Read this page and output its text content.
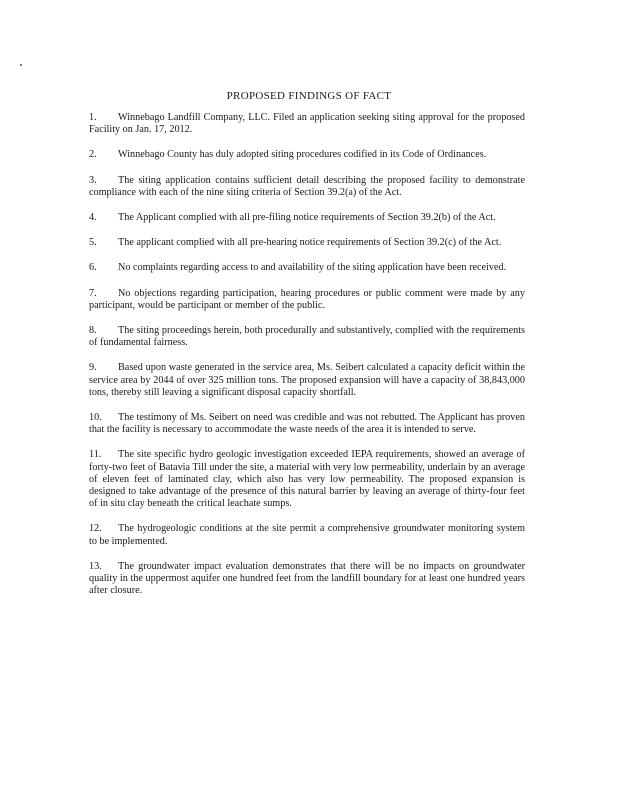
PROPOSED FINDINGS OF FACT
1. Winnebago Landfill Company, LLC. Filed an application seeking siting approval for the proposed Facility on Jan. 17, 2012.
2. Winnebago County has duly adopted siting procedures codified in its Code of Ordinances.
3. The siting application contains sufficient detail describing the proposed facility to demonstrate compliance with each of the nine siting criteria of Section 39.2(a) of the Act.
4. The Applicant complied with all pre-filing notice requirements of Section 39.2(b) of the Act.
5. The applicant complied with all pre-hearing notice requirements of Section 39.2(c) of the Act.
6. No complaints regarding access to and availability of the siting application have been received.
7. No objections regarding participation, hearing procedures or public comment were made by any participant, would be participant or member of the public.
8. The siting proceedings herein, both procedurally and substantively, complied with the requirements of fundamental fairness.
9. Based upon waste generated in the service area, Ms. Seibert calculated a capacity deficit within the service area by 2044 of over 325 million tons. The proposed expansion will have a capacity of 38,843,000 tons, thereby still leaving a significant disposal capacity shortfall.
10. The testimony of Ms. Seibert on need was credible and was not rebutted. The Applicant has proven that the facility is necessary to accommodate the waste needs of the area it is intended to serve.
11. The site specific hydro geologic investigation exceeded IEPA requirements, showed an average of forty-two feet of Batavia Till under the site, a material with very low permeability, underlain by an average of eleven feet of laminated clay, which also has very low permeability. The proposed expansion is designed to take advantage of the presence of this natural barrier by leaving an average of thirty-four feet of in situ clay beneath the critical leachate sumps.
12. The hydrogeologic conditions at the site permit a comprehensive groundwater monitoring system to be implemented.
13. The groundwater impact evaluation demonstrates that there will be no impacts on groundwater quality in the uppermost aquifer one hundred feet from the landfill boundary for at least one hundred years after closure.
